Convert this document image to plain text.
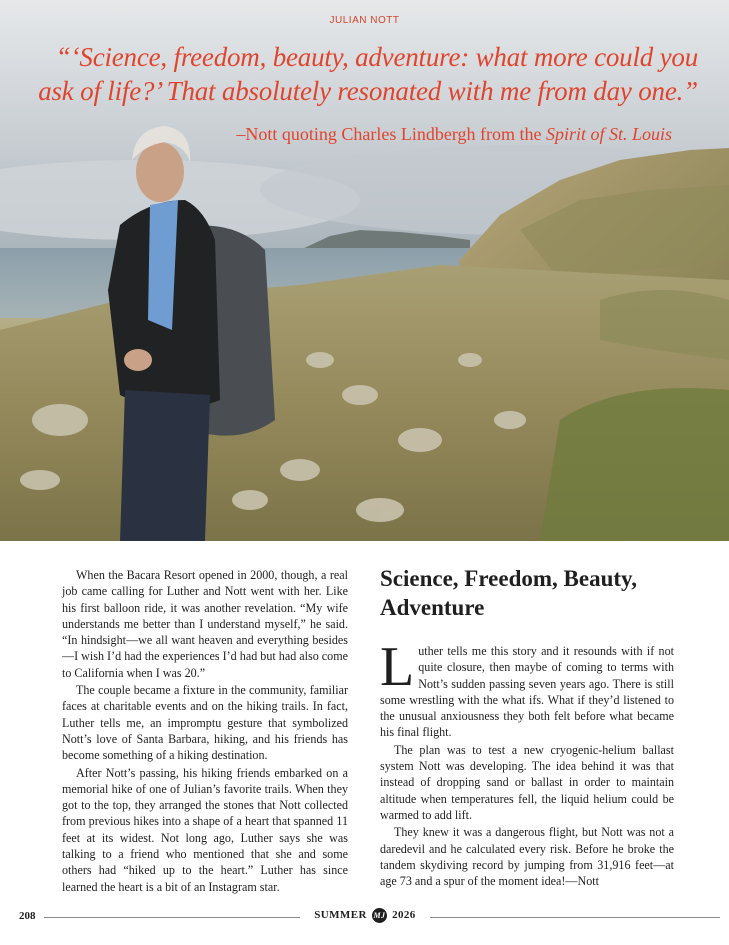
JULIAN NOTT
“‘Science, freedom, beauty, adventure: what more could you ask of life?’ That absolutely resonated with me from day one.”
–Nott quoting Charles Lindbergh from the Spirit of St. Louis

When the Bacara Resort opened in 2000, though, a real job came calling for Luther and Nott went with her. Like his first balloon ride, it was another revelation. “My wife understands me better than I understand myself,” he said. “In hindsight—we all want heaven and everything besides—I wish I’d had the experiences I’d had but had also come to California when I was 20.”

The couple became a fixture in the community, familiar faces at charitable events and on the hiking trails. In fact, Luther tells me, an impromptu gesture that symbolized Nott’s love of Santa Barbara, hiking, and his friends has become something of a hiking destination.

After Nott’s passing, his hiking friends embarked on a memorial hike of one of Julian’s favorite trails. When they got to the top, they arranged the stones that Nott collected from previous hikes into a shape of a heart that spanned 11 feet at its widest. Not long ago, Luther says she was talking to a friend who mentioned that she and some others had “hiked up to the heart.” Luther has since learned the heart is a bit of an Instagram star.

Science, Freedom, Beauty, Adventure

Luther tells me this story and it resounds with if not quite closure, then maybe of coming to terms with Nott’s sudden passing seven years ago. There is still some wrestling with the what ifs. What if they’d listened to the unusual anxiousness they both felt before what became his final flight.

The plan was to test a new cryogenic-helium ballast system Nott was developing. The idea behind it was that instead of dropping sand or ballast in order to maintain altitude when temperatures fell, the liquid helium could be warmed to add lift.

They knew it was a dangerous flight, but Nott was not a daredevil and he calculated every risk. Before he broke the tandem skydiving record by jumping from 31,916 feet—at age 73 and a spur of the moment idea!—Nott

208	SUMMER MJ 2026
